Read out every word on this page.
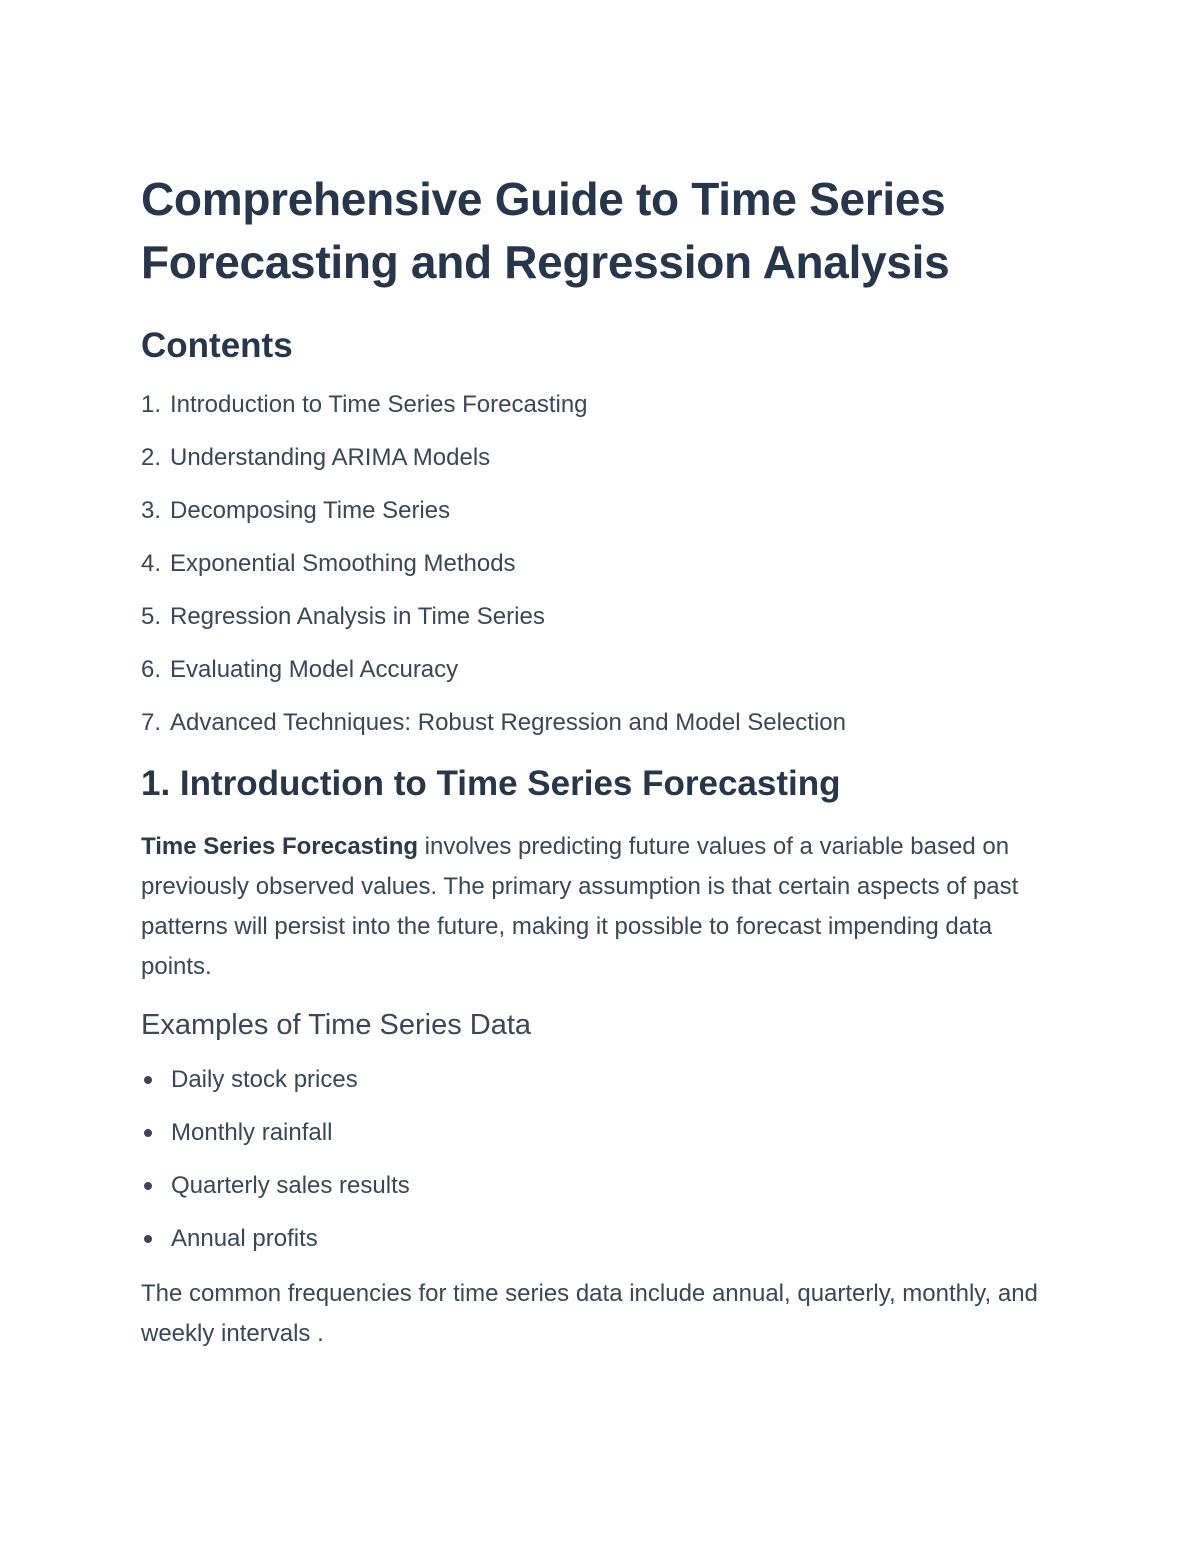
Comprehensive Guide to Time Series Forecasting and Regression Analysis
Contents
1. Introduction to Time Series Forecasting
2. Understanding ARIMA Models
3. Decomposing Time Series
4. Exponential Smoothing Methods
5. Regression Analysis in Time Series
6. Evaluating Model Accuracy
7. Advanced Techniques: Robust Regression and Model Selection
1. Introduction to Time Series Forecasting

Time Series Forecasting involves predicting future values of a variable based on previously observed values. The primary assumption is that certain aspects of past patterns will persist into the future, making it possible to forecast impending data points.

Examples of Time Series Data
Daily stock prices
Monthly rainfall
Quarterly sales results
Annual profits

The common frequencies for time series data include annual, quarterly, monthly, and weekly intervals .
